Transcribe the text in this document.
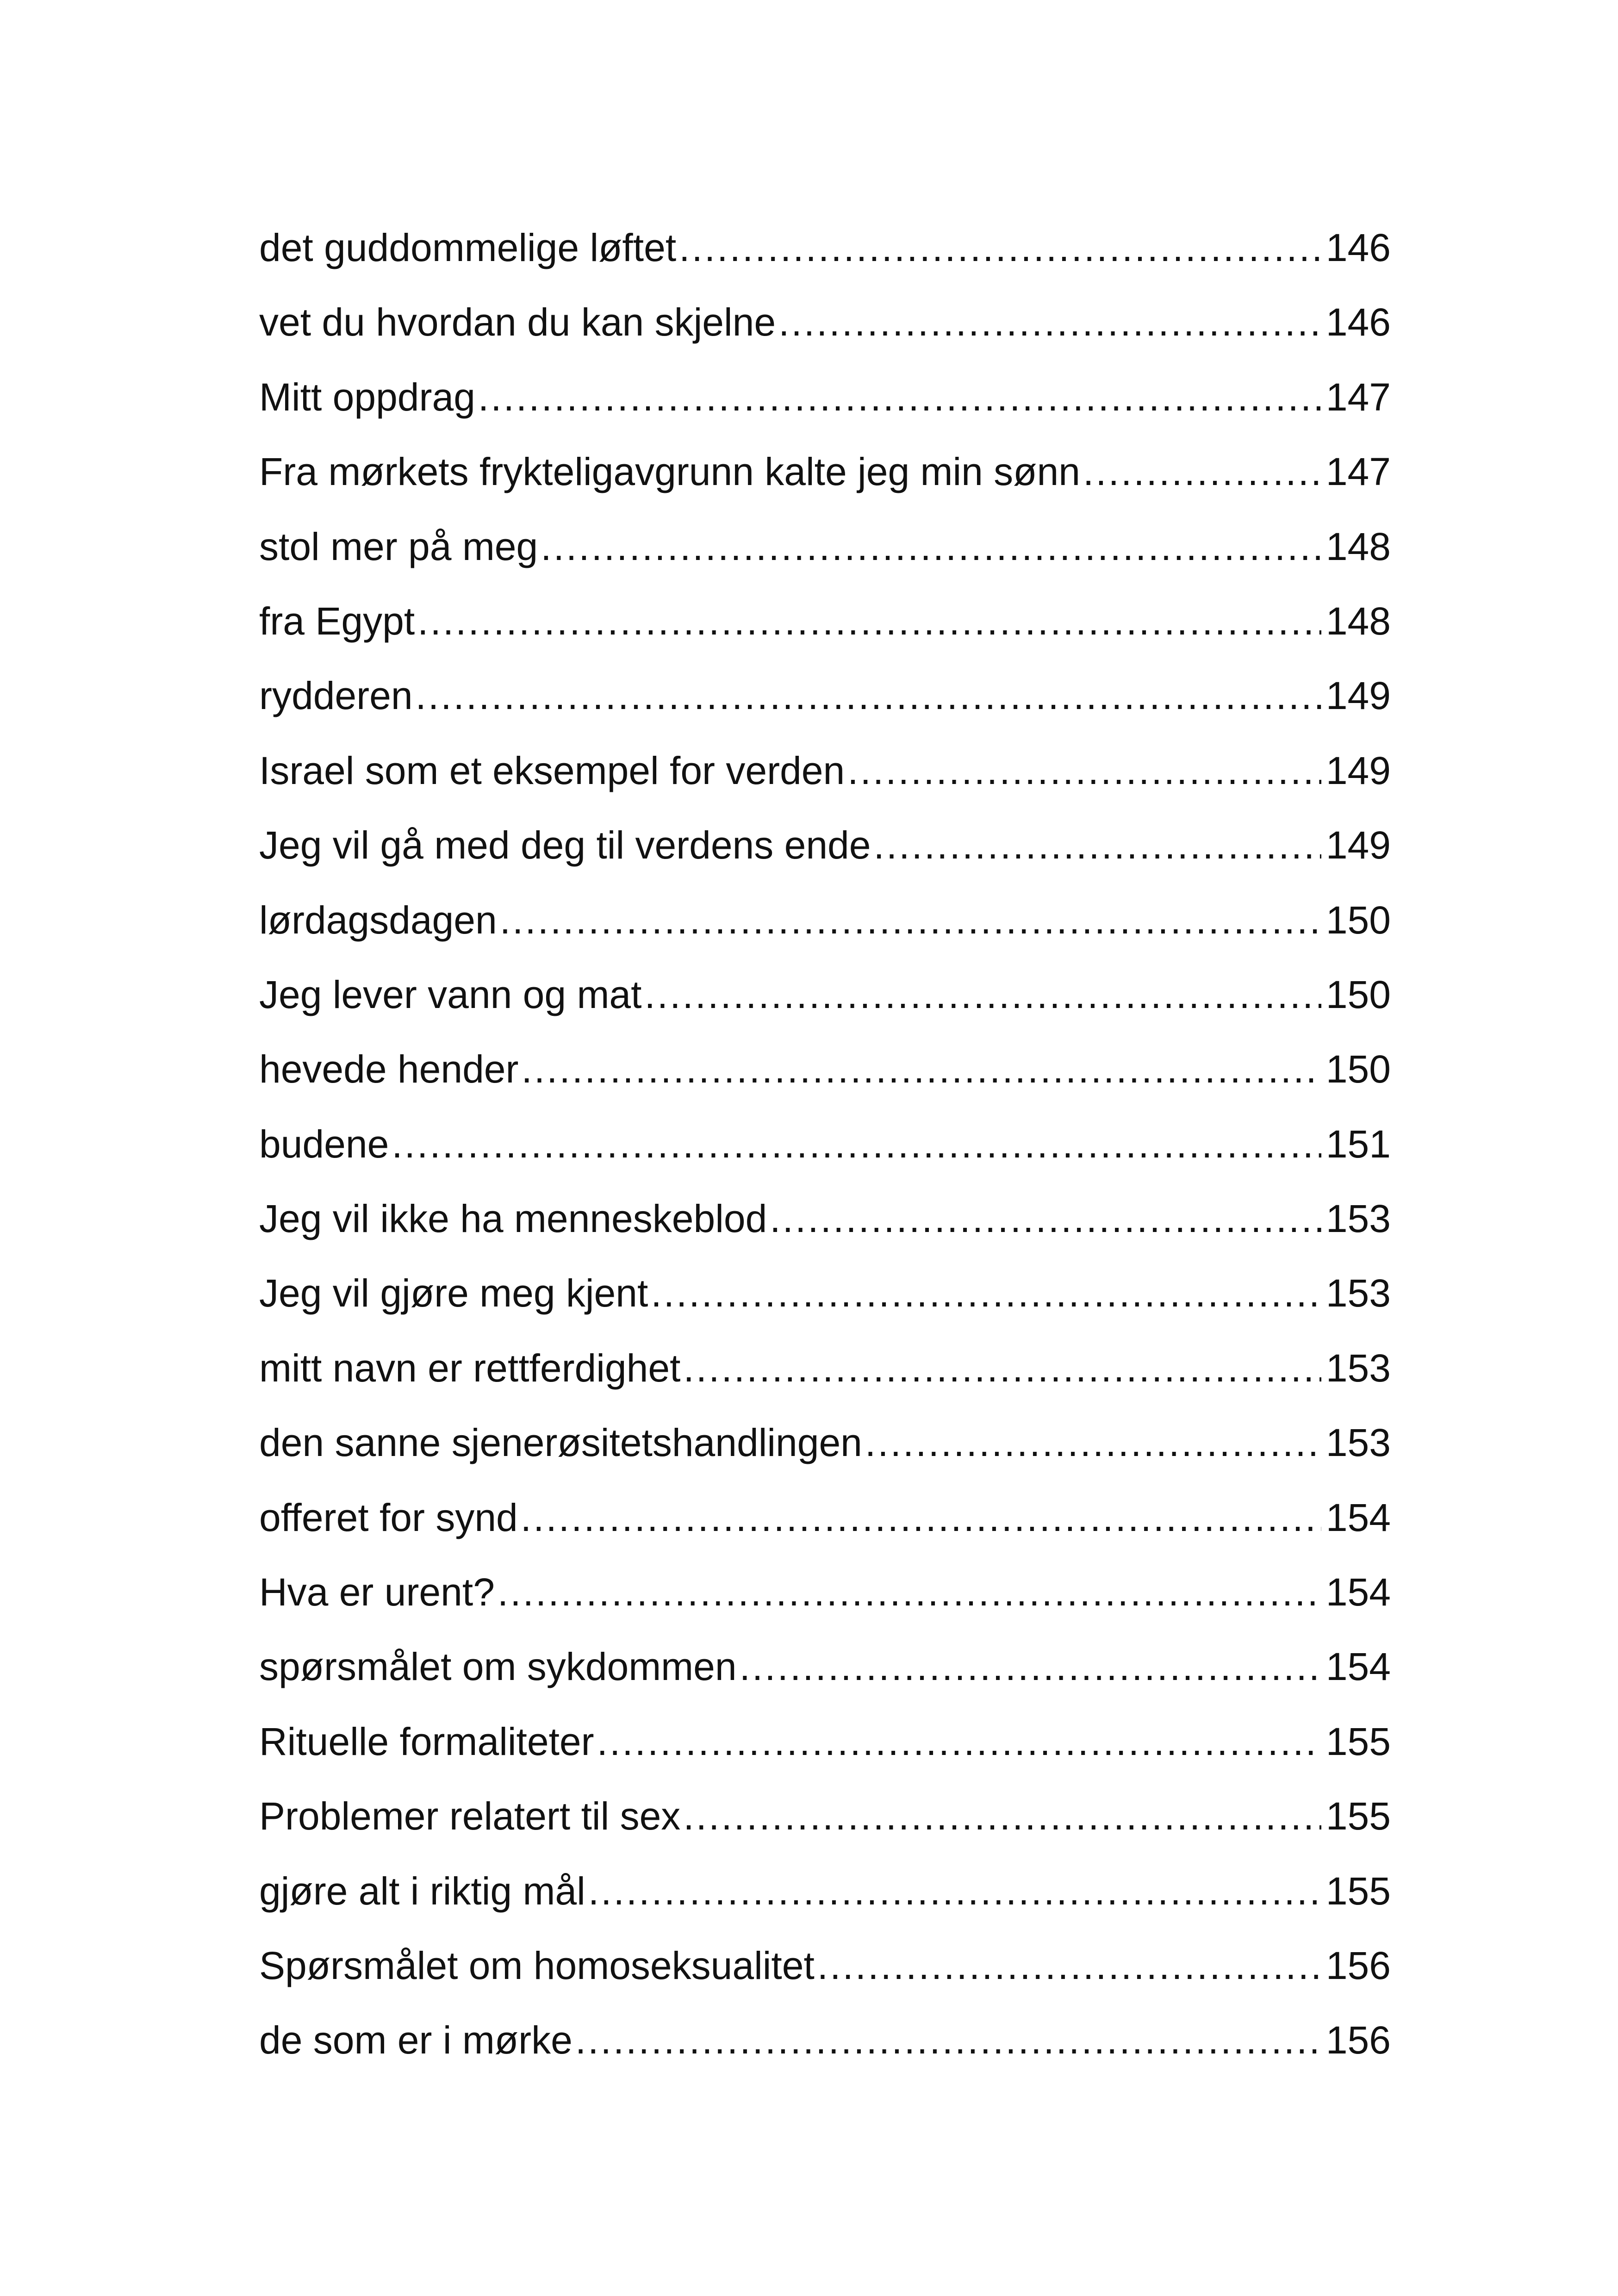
det guddommelige løftet .....	146
vet du hvordan du kan skjelne .....	146
Mitt oppdrag .....	147
Fra mørkets frykteligavgrunn kalte jeg min sønn .....	147
stol mer på meg .....	148
fra Egypt .....	148
rydderen .....	149
Israel som et eksempel for verden .....	149
Jeg vil gå med deg til verdens ende .....	149
lørdagsdagen .....	150
Jeg lever vann og mat .....	150
hevede hender .....	150
budene .....	151
Jeg vil ikke ha menneskeblod .....	153
Jeg vil gjøre meg kjent .....	153
mitt navn er rettferdighet .....	153
den sanne sjenerøsitetshandlingen .....	153
offeret for synd .....	154
Hva er urent? .....	154
spørsmålet om sykdommen .....	154
Rituelle formaliteter .....	155
Problemer relatert til sex .....	155
gjøre alt i riktig mål .....	155
Spørsmålet om homoseksualitet .....	156
de som er i mørke .....	156
